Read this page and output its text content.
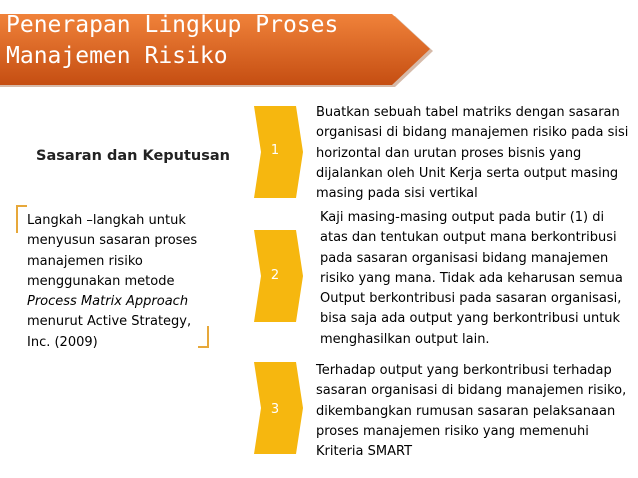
Penerapan Lingkup Proses
Manajemen Risiko
Sasaran dan Keputusan
Langkah –langkah untuk
menyusun sasaran proses
manajemen risiko
menggunakan metode
Process Matrix Approach
menurut Active Strategy,
Inc. (2009)
1
Buatkan sebuah tabel matriks dengan sasaran
organisasi di bidang manajemen risiko pada sisi
horizontal dan urutan proses bisnis yang
dijalankan oleh Unit Kerja serta output masing
masing pada sisi vertikal
2
Kaji masing-masing output pada butir (1) di
atas dan tentukan output mana berkontribusi
pada sasaran organisasi bidang manajemen
risiko yang mana. Tidak ada keharusan semua
Output berkontribusi pada sasaran organisasi,
bisa saja ada output yang berkontribusi untuk
menghasilkan output lain.
3
Terhadap output yang berkontribusi terhadap
sasaran organisasi di bidang manajemen risiko,
dikembangkan rumusan sasaran pelaksanaan
proses manajemen risiko yang memenuhi
Kriteria SMART
